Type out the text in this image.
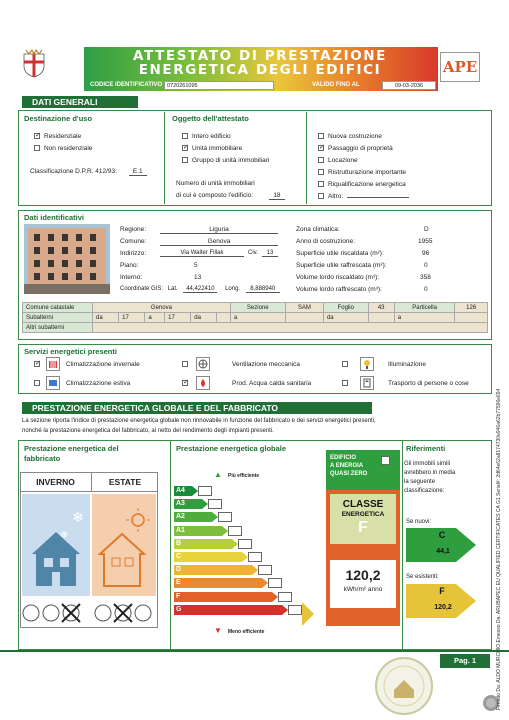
ATTESTATO DI PRESTAZIONE
ENERGETICA DEGLI EDIFICI
CODICE IDENTIFICATIVO 0720261095	VALIDO FINO AL	09-03-2036
APE
DATI GENERALI
Destinazione d'uso
✓Residenziale
Non residenziale
Classificazione D.P.R. 412/93: E.1
Oggetto dell'attestato
Intero edificio
✓Unità immobiliare
Gruppo di unità immobiliari
Numero di unità immobiliari
di cui è composto l'edificio:	18
Nuova costruzione
✓Passaggio di proprietà
Locazione
Ristrutturazione importante
Riqualificazione energetica
Altro:
Dati identificativi
Regione:	Liguria
Comune:	Genova
Indirizzo:	Via Walter Fillak	Civ.	13
Piano:	5
Interno:	13
Coordinate GIS: Lat. 44,422410 Long. 8,888940
Zona climatica:	D
Anno di costruzione:	1955
Superficie utile riscaldata (m²):	96
Superficie utile raffrescata (m²):	0
Volume lordo riscaldato (m³):	358
Volume lordo raffrescato (m³):	0
Comune catastale	Genova						Sezione	SAM	Foglio	43	Particella	126
Subalterni	da	17	a	17	da		a		da		a	
Altri subalterni												
Servizi energetici presenti
✓
Climatizzazione invernale	Ventilazione meccanica	Illuminazione
Climatizzazione estiva ✓	Prod. Acqua calda sanitaria	Trasporto di persone o cose
PRESTAZIONE ENERGETICA GLOBALE E DEL FABBRICATO
La sezione riporta l'indice di prestazione energetica globale non rinnovabile in funzione del fabbricato e dei servizi energetici presenti,
nonché la prestazione energetica del fabbricato, al netto del rendimento degli impianti presenti.
Prestazione energetica del
fabbricato
INVERNO	ESTATE
❄
❄
Prestazione energetica globale
▲ Più efficiente
A4
A3
A2
A1
B
C
D
E
F
G
▼ Meno efficiente
EDIFICIO
A ENERGIA
QUASI ZERO
CLASSE
ENERGETICA
F
120,2
kWh/m² anno
Riferimenti
Gli immobili simili
avrebbero in media
la seguente
classificazione:
Se nuovi:
C
44,1
Se esistenti:
F
120,2
Pag. 1	Firmato Da: ALDO MURCHIO Emesso Da: ARUBAPEC EU QUALIFIED CERTIFICATES CA G1 Serial#: 2d64e62a8174730e946a62b77596e694
